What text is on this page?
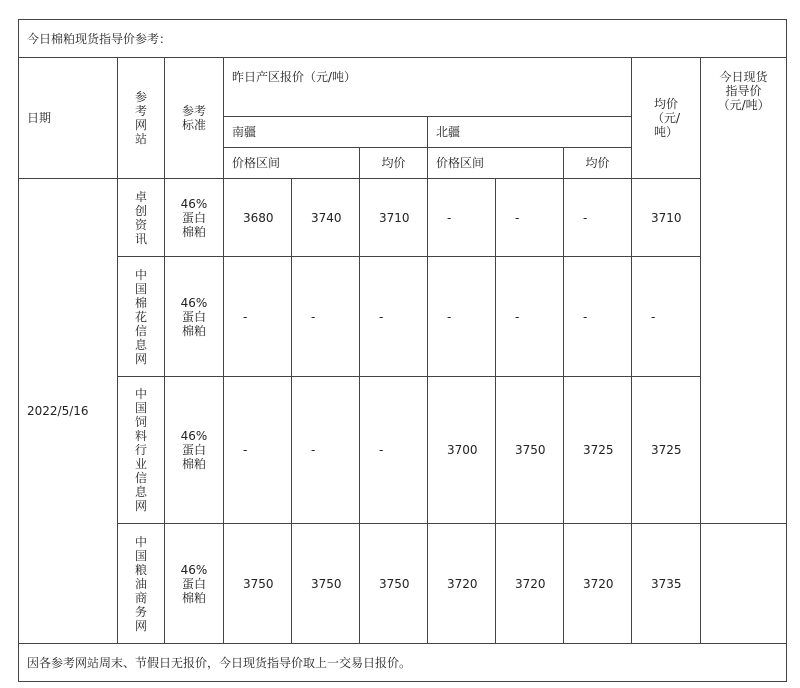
今日棉粕现货指导价参考：											
日期	参考网站	参考标准	昨日产区报价（元/吨）						均价（元/吨）	今日现货指导价（元/吨）	

			南疆			北疆					
			价格区间		均价	价格区间		均价			
2022/5/16	卓创资讯	46%蛋白棉粕	3680	3740	3710	-	-	-	3710		

	中国棉花信息网	46%蛋白棉粕	-	-	-	-	-	-	-		

	中国饲料行业信息网	46%蛋白棉粕	-	-	-	3700	3750	3725	3725	

	中国粮油商务网	46%蛋白棉粕	3750	3750	3750	3720	3720	3720	3735		
因各参考网站周末、节假日无报价，今日现货指导价取上一交易日报价。											
